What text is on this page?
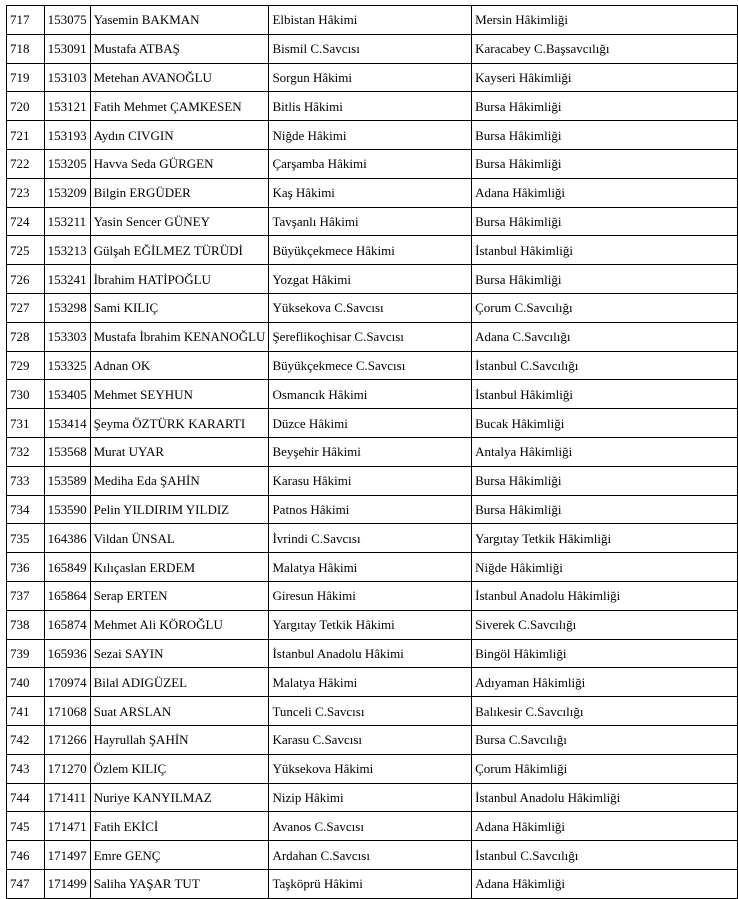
717	153075	Yasemin BAKMAN	Elbistan Hâkimi	Mersin Hâkimliği
718	153091	Mustafa ATBAŞ	Bismil C.Savcısı	Karacabey C.Başsavcılığı
719	153103	Metehan AVANOĞLU	Sorgun Hâkimi	Kayseri Hâkimliği
720	153121	Fatih Mehmet ÇAMKESEN	Bitlis Hâkimi	Bursa Hâkimliği
721	153193	Aydın CIVGIN	Niğde Hâkimi	Bursa Hâkimliği
722	153205	Havva Seda GÜRGEN	Çarşamba Hâkimi	Bursa Hâkimliği
723	153209	Bilgin ERGÜDER	Kaş Hâkimi	Adana Hâkimliği
724	153211	Yasin Sencer GÜNEY	Tavşanlı Hâkimi	Bursa Hâkimliği
725	153213	Gülşah EĞİLMEZ TÜRÜDİ	Büyükçekmece Hâkimi	İstanbul Hâkimliği
726	153241	İbrahim HATİPOĞLU	Yozgat Hâkimi	Bursa Hâkimliği
727	153298	Sami KILIÇ	Yüksekova C.Savcısı	Çorum C.Savcılığı
728	153303	Mustafa İbrahim KENANOĞLU	Şereflikoçhisar C.Savcısı	Adana C.Savcılığı
729	153325	Adnan OK	Büyükçekmece C.Savcısı	İstanbul C.Savcılığı
730	153405	Mehmet SEYHUN	Osmancık Hâkimi	İstanbul Hâkimliği
731	153414	Şeyma ÖZTÜRK KARARTI	Düzce Hâkimi	Bucak Hâkimliği
732	153568	Murat UYAR	Beyşehir Hâkimi	Antalya Hâkimliği
733	153589	Mediha Eda ŞAHİN	Karasu Hâkimi	Bursa Hâkimliği
734	153590	Pelin YILDIRIM YILDIZ	Patnos Hâkimi	Bursa Hâkimliği
735	164386	Vildan ÜNSAL	İvrindi C.Savcısı	Yargıtay Tetkik Hâkimliği
736	165849	Kılıçaslan ERDEM	Malatya Hâkimi	Niğde Hâkimliği
737	165864	Serap ERTEN	Giresun Hâkimi	İstanbul Anadolu Hâkimliği
738	165874	Mehmet Ali KÖROĞLU	Yargıtay Tetkik Hâkimi	Siverek C.Savcılığı
739	165936	Sezai SAYIN	İstanbul Anadolu Hâkimi	Bingöl Hâkimliği
740	170974	Bilal ADIGÜZEL	Malatya Hâkimi	Adıyaman Hâkimliği
741	171068	Suat ARSLAN	Tunceli C.Savcısı	Balıkesir C.Savcılığı
742	171266	Hayrullah ŞAHİN	Karasu C.Savcısı	Bursa C.Savcılığı
743	171270	Özlem KILIÇ	Yüksekova Hâkimi	Çorum Hâkimliği
744	171411	Nuriye KANYILMAZ	Nizip Hâkimi	İstanbul Anadolu Hâkimliği
745	171471	Fatih EKİCİ	Avanos C.Savcısı	Adana Hâkimliği
746	171497	Emre GENÇ	Ardahan C.Savcısı	İstanbul C.Savcılığı
747	171499	Saliha YAŞAR TUT	Taşköprü Hâkimi	Adana Hâkimliği
